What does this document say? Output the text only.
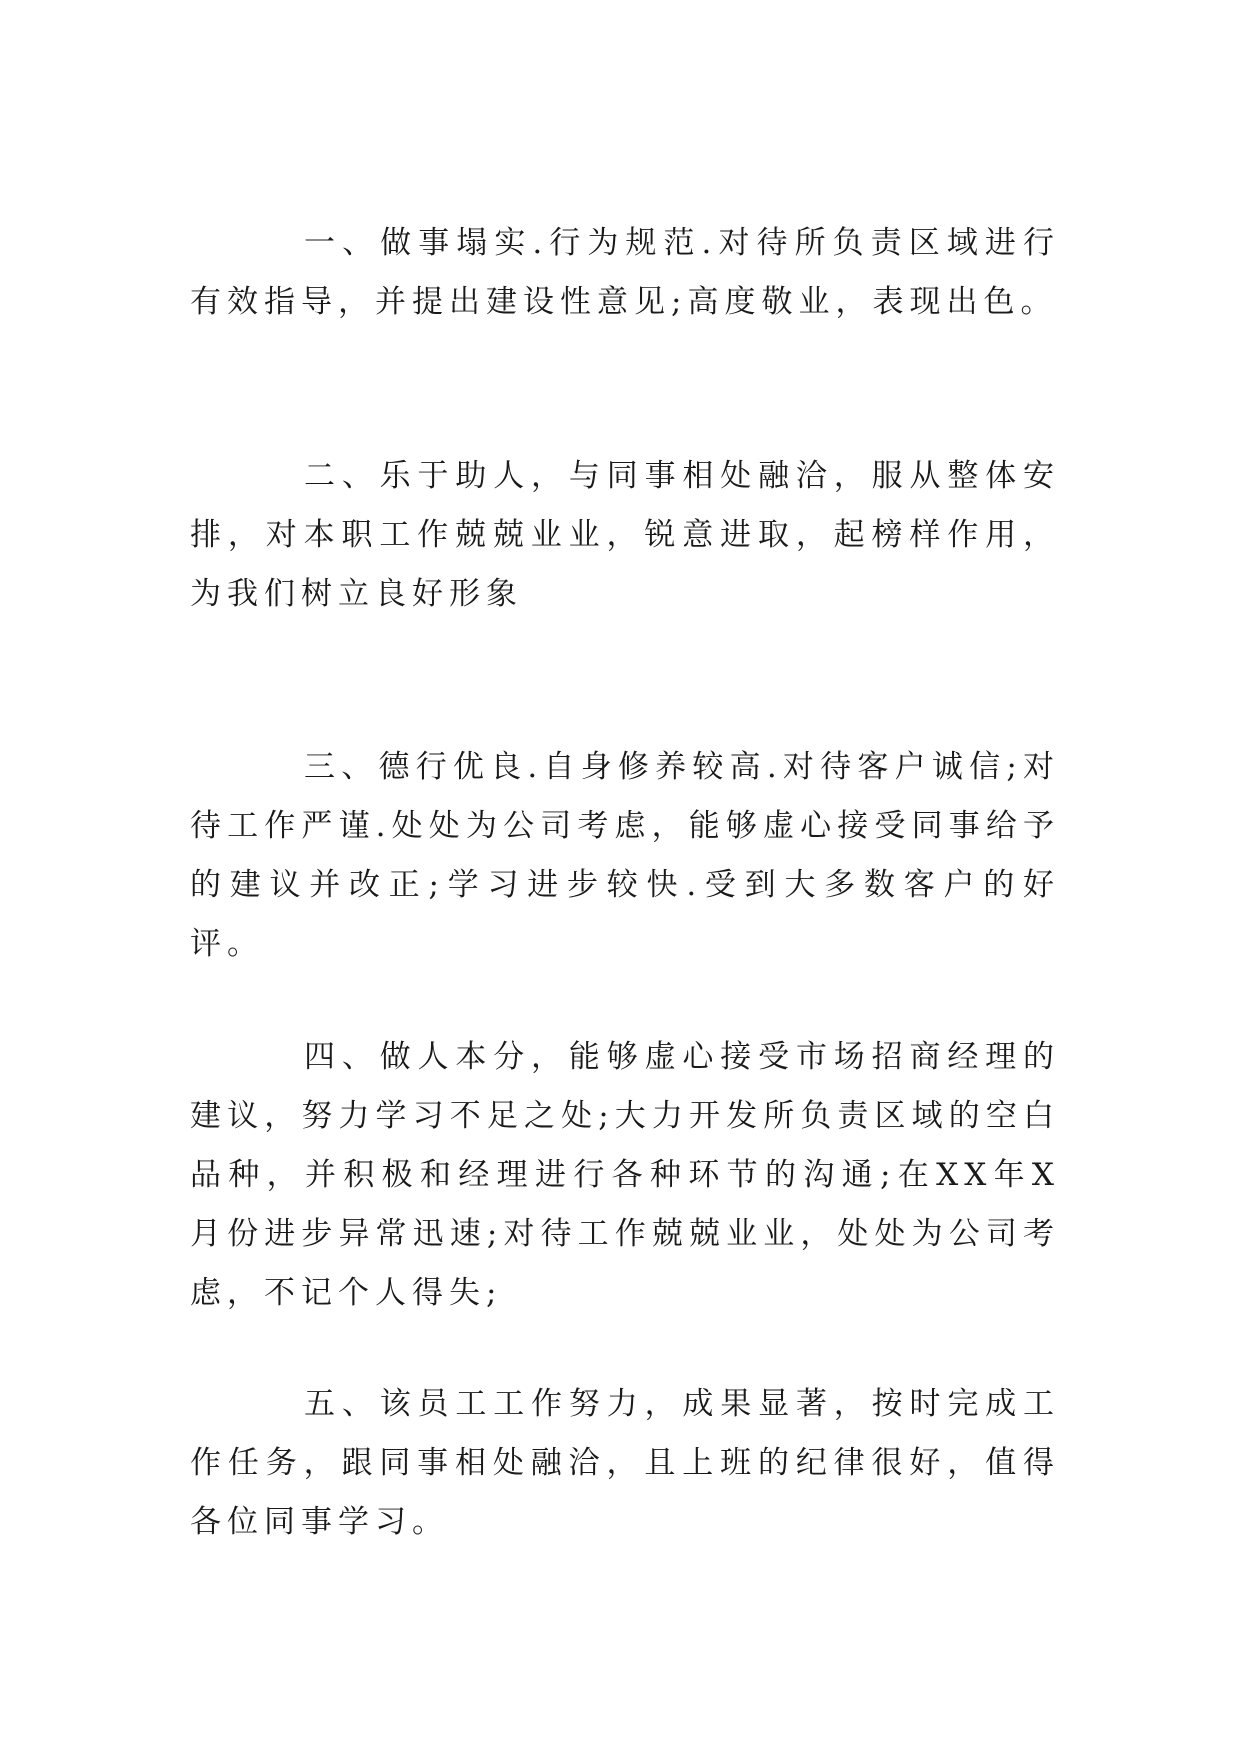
一、做事塌实.行为规范.对待所负责区域进行有效指导，并提出建设性意见;高度敬业，表现出色。

二、乐于助人，与同事相处融洽，服从整体安排，对本职工作兢兢业业，锐意进取，起榜样作用，为我们树立良好形象

三、德行优良.自身修养较高.对待客户诚信;对待工作严谨.处处为公司考虑，能够虚心接受同事给予的建议并改正;学习进步较快.受到大多数客户的好评。

四、做人本分，能够虚心接受市场招商经理的建议，努力学习不足之处;大力开发所负责区域的空白品种，并积极和经理进行各种环节的沟通;在XX年X月份进步异常迅速;对待工作兢兢业业，处处为公司考虑，不记个人得失;

五、该员工工作努力，成果显著，按时完成工作任务，跟同事相处融洽，且上班的纪律很好，值得各位同事学习。
